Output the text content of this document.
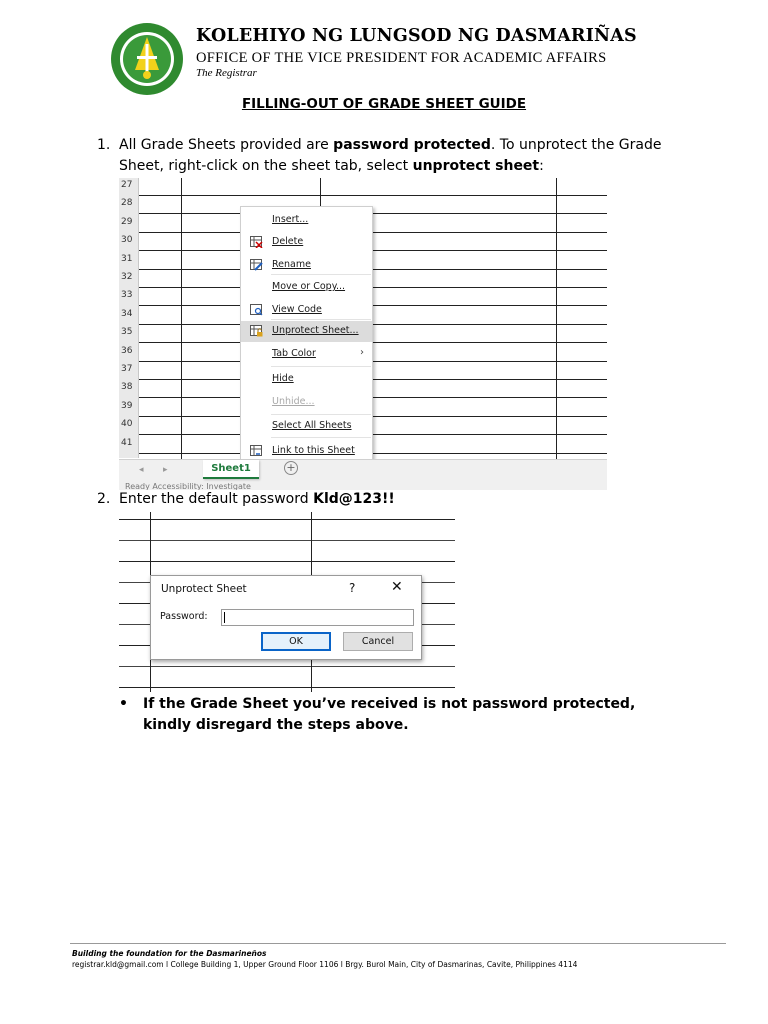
KOLEHIYO NG LUNGSOD NG DASMARIÑAS
OFFICE OF THE VICE PRESIDENT FOR ACADEMIC AFFAIRS
The Registrar
FILLING-OUT OF GRADE SHEET GUIDE
1. All Grade Sheets provided are password protected. To unprotect the Grade Sheet, right-click on the sheet tab, select unprotect sheet:
27
28
29
30
31
32
33
34
35
36
37
38
39
40
41
Insert...
Delete
Rename
Move or Copy...
View Code
Unprotect Sheet...
Tab Color	›
Hide
Unhide...
Select All Sheets
Link to this Sheet
◂ ▸	Sheet1	+
Ready Accessibility: Investigate
2. Enter the default password Kld@123!!
Unprotect Sheet	?	✕
Password:
OK	Cancel
• If the Grade Sheet you’ve received is not password protected, kindly disregard the steps above.
Building the foundation for the Dasmarineños
registrar.kld@gmail.com l College Building 1, Upper Ground Floor 1106 l Brgy. Burol Main, City of Dasmarinas, Cavite, Philippines 4114
